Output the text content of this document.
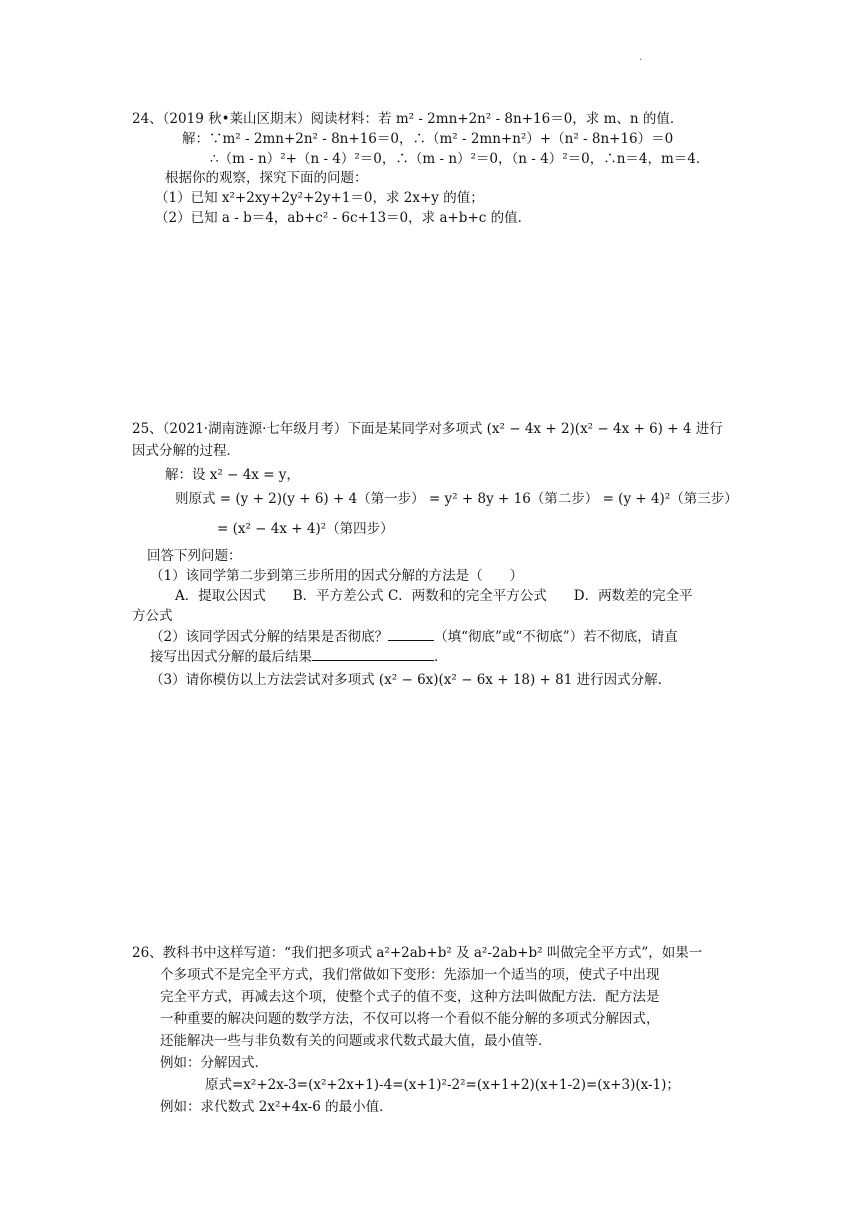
·
24、（2019 秋•莱山区期末）阅读材料：若 m² - 2mn+2n² - 8n+16＝0，求 m、n 的值．
解：∵m² - 2mn+2n² - 8n+16＝0，∴（m² - 2mn+n²）+（n² - 8n+16）＝0
∴（m - n）²+（n - 4）²＝0，∴（m - n）²＝0，（n - 4）²＝0，∴n＝4，m＝4．
根据你的观察，探究下面的问题：
（1）已知 x²+2xy+2y²+2y+1＝0，求 2x+y 的值；
（2）已知 a - b＝4，ab+c² - 6c+13＝0，求 a+b+c 的值．
25、（2021·湖南涟源·七年级月考）下面是某同学对多项式 (x² − 4x + 2)(x² − 4x + 6) + 4 进行
因式分解的过程．
解：设 x² − 4x = y，
则原式 = (y + 2)(y + 6) + 4（第一步） = y² + 8y + 16（第二步） = (y + 4)²（第三步）
= (x² − 4x + 4)²（第四步）
回答下列问题：
（1）该同学第二步到第三步所用的因式分解的方法是（　　）
A．提取公因式　　B．平方差公式 C．两数和的完全平方公式　　D．两数差的完全平
方公式
（2）该同学因式分解的结果是否彻底？	（填“彻底”或“不彻底”）若不彻底，请直
接写出因式分解的最后结果	．
（3）请你模仿以上方法尝试对多项式 (x² − 6x)(x² − 6x + 18) + 81 进行因式分解．
26、教科书中这样写道：“我们把多项式 a²+2ab+b² 及 a²-2ab+b² 叫做完全平方式”，如果一
个多项式不是完全平方式，我们常做如下变形：先添加一个适当的项，使式子中出现
完全平方式，再减去这个项，使整个式子的值不变，这种方法叫做配方法．配方法是
一种重要的解决问题的数学方法，不仅可以将一个看似不能分解的多项式分解因式，
还能解决一些与非负数有关的问题或求代数式最大值，最小值等．
例如：分解因式．
原式=x²+2x-3=(x²+2x+1)-4=(x+1)²-2²=(x+1+2)(x+1-2)=(x+3)(x-1)；
例如：求代数式 2x²+4x-6 的最小值．
